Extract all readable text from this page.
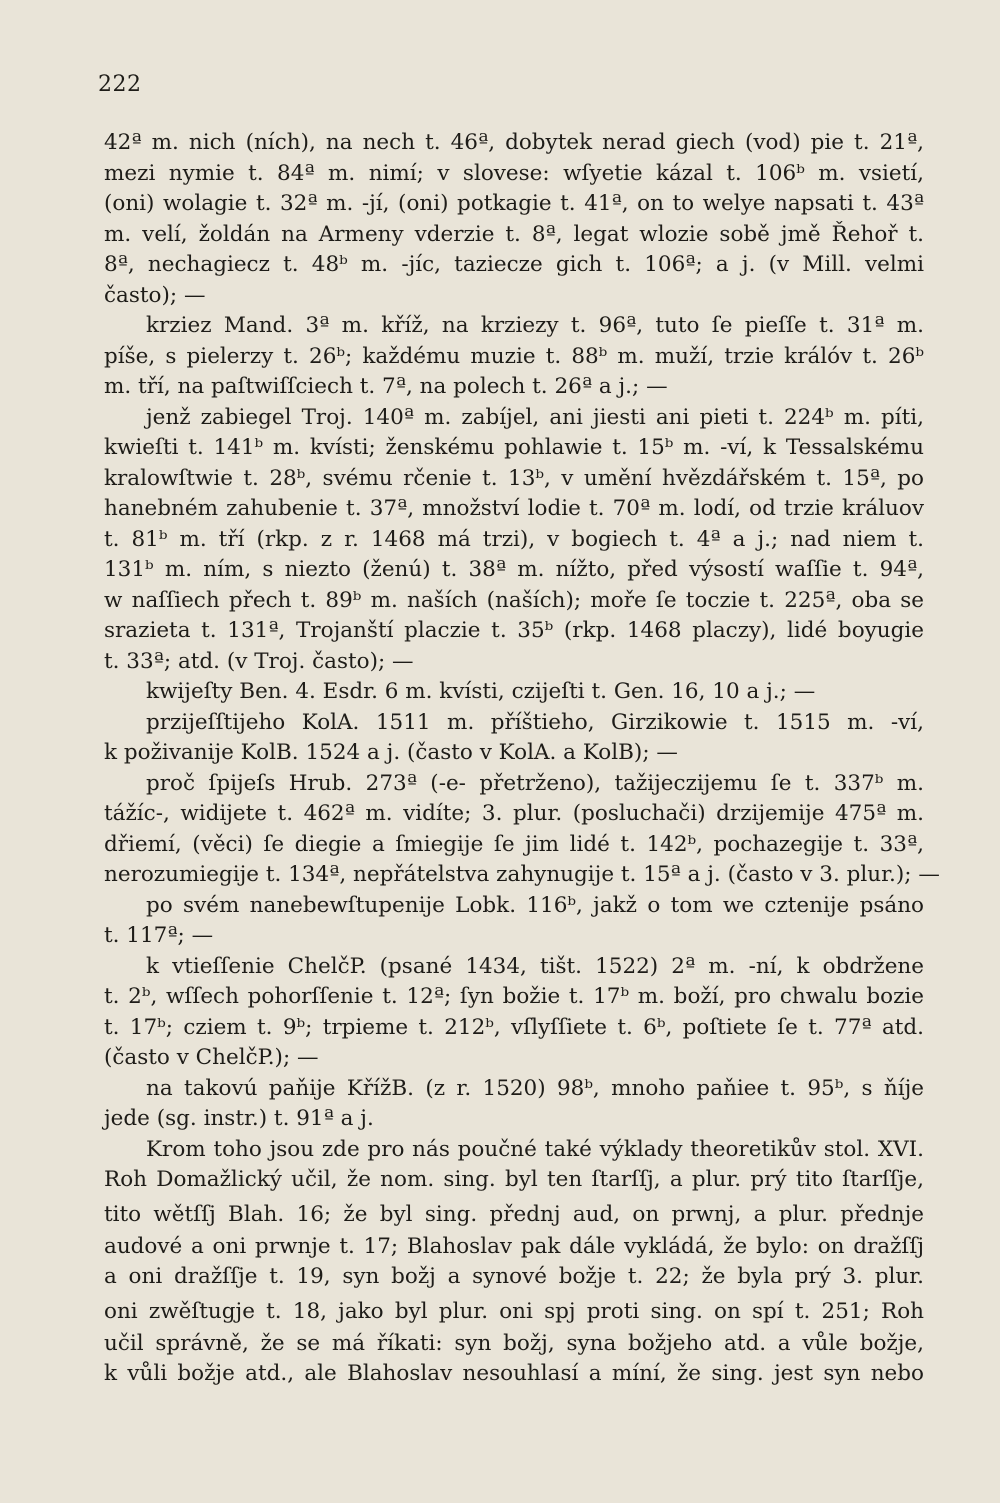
222
42ª m. nich (ních), na nech t. 46ª, dobytek nerad giech (vod) pie t. 21ª,
mezi nymie t. 84ª m. nimí; v slovese: wſyetie kázal t. 106ᵇ m. vsietí,
(oni) wolagie t. 32ª m. -jí, (oni) potkagie t. 41ª, on to welye napsati t. 43ª
m. velí, žoldán na Armeny vderzie t. 8ª, legat wlozie sobě jmě Řehoř t.
8ª, nechagiecz t. 48ᵇ m. -jíc, taziecze gich t. 106ª; a j. (v Mill. velmi
často); —
krziez Mand. 3ª m. kříž, na krziezy t. 96ª, tuto ſe pieſſe t. 31ª m.
píše, s pielerzy t. 26ᵇ; každému muzie t. 88ᵇ m. muží, trzie králóv t. 26ᵇ
m. tří, na paſtwiſſciech t. 7ª, na polech t. 26ª a j.; —
jenž zabiegel Troj. 140ª m. zabíjel, ani jiesti ani pieti t. 224ᵇ m. píti,
kwieſti t. 141ᵇ m. kvísti; ženskému pohlawie t. 15ᵇ m. -ví, k Tessalskému
kralowſtwie t. 28ᵇ, svému rčenie t. 13ᵇ, v umění hvězdářském t. 15ª, po
hanebném zahubenie t. 37ª, množství lodie t. 70ª m. lodí, od trzie králuov
t. 81ᵇ m. tří (rkp. z r. 1468 má trzi), v bogiech t. 4ª a j.; nad niem t.
131ᵇ m. ním, s niezto (ženú) t. 38ª m. nížto, před výsostí waſſie t. 94ª,
w naſſiech přech t. 89ᵇ m. naších (naších); moře ſe toczie t. 225ª, oba se
srazieta t. 131ª, Trojanští placzie t. 35ᵇ (rkp. 1468 placzy), lidé boyugie
t. 33ª; atd. (v Troj. často); —
kwijeſty Ben. 4. Esdr. 6 m. kvísti, czijeſti t. Gen. 16, 10 a j.; —
przijeſſtijeho KolA. 1511 m. příštieho, Girzikowie t. 1515 m. -ví,
k poživanije KolB. 1524 a j. (často v KolA. a KolB); —
proč ſpijeſs Hrub. 273ª (-e- přetrženo), tažijeczijemu ſe t. 337ᵇ m.
tážíc-, widijete t. 462ª m. vidíte; 3. plur. (posluchači) drzijemije 475ª m.
dřiemí, (věci) ſe diegie a ſmiegije ſe jim lidé t. 142ᵇ, pochazegije t. 33ª,
nerozumiegije t. 134ª, nepřátelstva zahynugije t. 15ª a j. (často v 3. plur.); —
po svém nanebewſtupenije Lobk. 116ᵇ, jakž o tom we cztenije psáno
t. 117ª; —
k vtieſſenie ChelčP. (psané 1434, tišt. 1522) 2ª m. -ní, k obdržene
t. 2ᵇ, wſſech pohorſſenie t. 12ª; ſyn božie t. 17ᵇ m. boží, pro chwalu bozie
t. 17ᵇ; cziem t. 9ᵇ; trpieme t. 212ᵇ, vſlyſſiete t. 6ᵇ, poſtiete ſe t. 77ª atd.
(často v ChelčP.); —
na takovú paňije KřížB. (z r. 1520) 98ᵇ, mnoho paňiee t. 95ᵇ, s ňíje
jede (sg. instr.) t. 91ª a j.
Krom toho jsou zde pro nás poučné také výklady theoretikův stol. XVI.
Roh Domažlický učil, že nom. sing. byl ten ſtarſſj, a plur. prý tito ſtarſſje,
tito wětſſj Blah. 16; že byl sing. přednj aud, on prwnj, a plur. přednje
audové a oni prwnje t. 17; Blahoslav pak dále vykládá, že bylo: on dražſſj
a oni dražſſje t. 19, syn božj a synové božje t. 22; že byla prý 3. plur.
oni zwěſtugje t. 18, jako byl plur. oni spj proti sing. on spí t. 251; Roh
učil správně, že se má říkati: syn božj, syna božjeho atd. a vůle božje,
k vůli božje atd., ale Blahoslav nesouhlasí a míní, že sing. jest syn nebo
